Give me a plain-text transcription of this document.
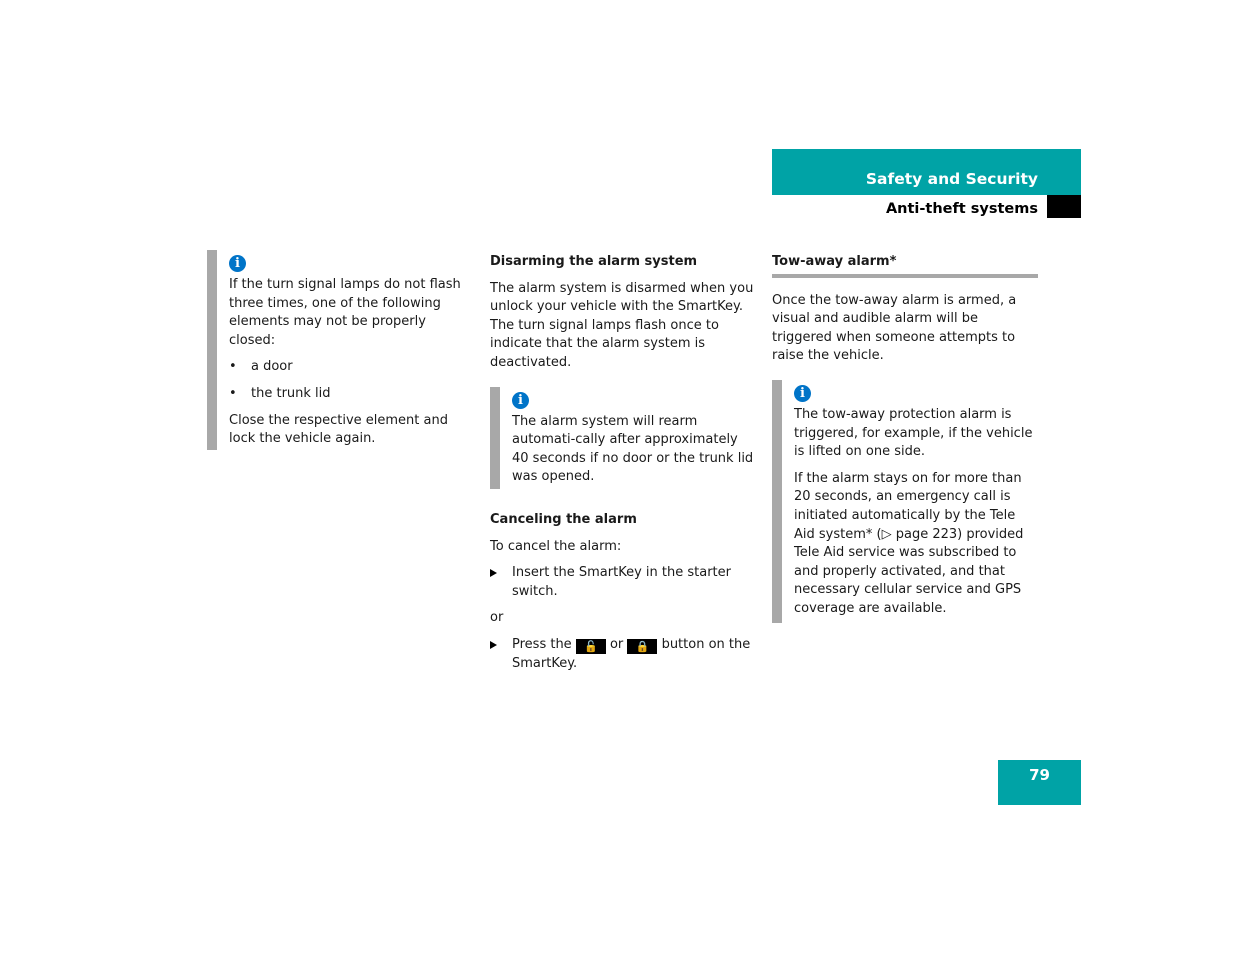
Safety and Security
Anti-theft systems
i

If the turn signal lamps do not flash three times, one of the following elements may not be properly closed:

• a door
• the trunk lid

Close the respective element and lock the vehicle again.

Disarming the alarm system

The alarm system is disarmed when you unlock your vehicle with the SmartKey. The turn signal lamps flash once to indicate that the alarm system is deactivated.

i

The alarm system will rearm automati-cally after approximately 40 seconds if no door or the trunk lid was opened.

Canceling the alarm

To cancel the alarm:

Insert the SmartKey in the starter switch.

or

Press the 🔓 or 🔒 button on the SmartKey.
Tow-away alarm*

Once the tow-away alarm is armed, a visual and audible alarm will be triggered when someone attempts to raise the vehicle.

i

The tow-away protection alarm is triggered, for example, if the vehicle is lifted on one side.

If the alarm stays on for more than 20 seconds, an emergency call is initiated automatically by the Tele Aid system* (▷ page 223) provided Tele Aid service was subscribed to and properly activated, and that necessary cellular service and GPS coverage are available.

79
